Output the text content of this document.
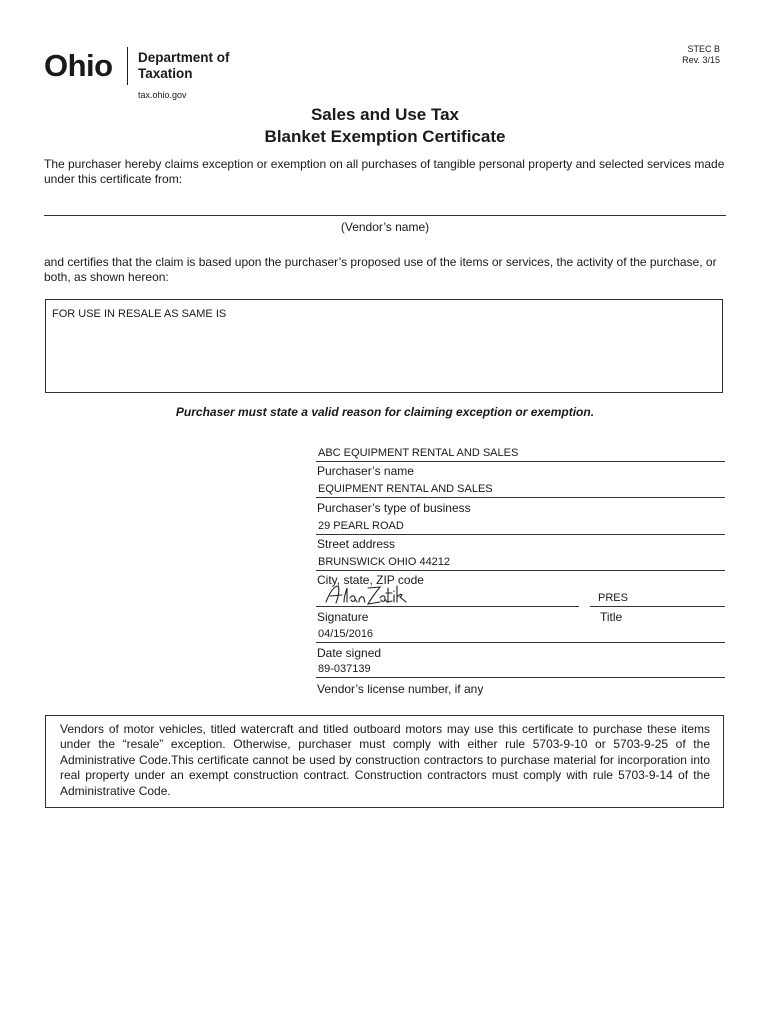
Ohio Department of
Taxation
tax.ohio.gov
STEC B
Rev. 3/15
Sales and Use Tax
Blanket Exemption Certificate
The purchaser hereby claims exception or exemption on all purchases of tangible personal property and selected services made under this certificate from:
(Vendor’s name)
and certifies that the claim is based upon the purchaser’s proposed use of the items or services, the activity of the purchase, or both, as shown hereon:
FOR USE IN RESALE AS SAME IS
Purchaser must state a valid reason for claiming exception or exemption.
ABC EQUIPMENT RENTAL AND SALES
Purchaser’s name
EQUIPMENT RENTAL AND SALES
Purchaser’s type of business
29 PEARL ROAD
Street address
BRUNSWICK OHIO 44212
City, state, ZIP code
PRES
Signature	Title
04/15/2016
Date signed
89-037139
Vendor’s license number, if any
Vendors of motor vehicles, titled watercraft and titled outboard motors may use this certificate to purchase these items under the “resale” exception. Otherwise, purchaser must comply with either rule 5703-9-10 or 5703-9-25 of the Administrative Code.This certificate cannot be used by construction contractors to purchase material for incorporation into real property under an exempt construction contract. Construction contractors must comply with rule 5703-9-14 of the Administrative Code.
